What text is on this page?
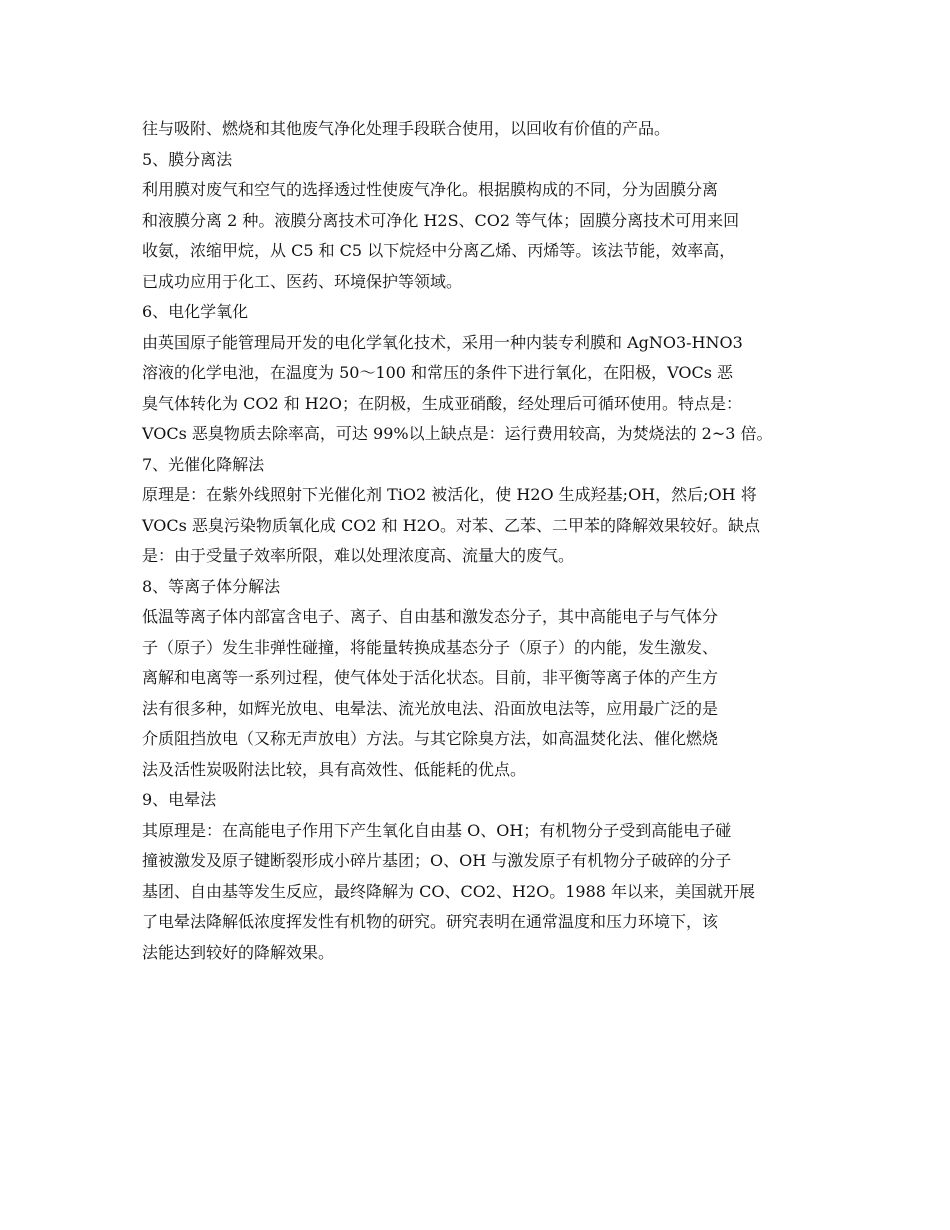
往与吸附、燃烧和其他废气净化处理手段联合使用，以回收有价值的产品。
5、膜分离法
利用膜对废气和空气的选择透过性使废气净化。根据膜构成的不同，分为固膜分离
和液膜分离 2 种。液膜分离技术可净化 H2S、CO2 等气体；固膜分离技术可用来回
收氨，浓缩甲烷，从 C5 和 C5 以下烷烃中分离乙烯、丙烯等。该法节能，效率高，
已成功应用于化工、医药、环境保护等领域。
6、电化学氧化
由英国原子能管理局开发的电化学氧化技术，采用一种内装专利膜和 AgNO3-HNO3
溶液的化学电池，在温度为 50～100 和常压的条件下进行氧化，在阳极，VOCs 恶
臭气体转化为 CO2 和 H2O；在阴极，生成亚硝酸，经处理后可循环使用。特点是：
VOCs 恶臭物质去除率高，可达 99%以上缺点是：运行费用较高，为焚烧法的 2~3 倍。
7、光催化降解法
原理是：在紫外线照射下光催化剂 TiO2 被活化，使 H2O 生成羟基;OH，然后;OH 将
VOCs 恶臭污染物质氧化成 CO2 和 H2O。对苯、乙苯、二甲苯的降解效果较好。缺点
是：由于受量子效率所限，难以处理浓度高、流量大的废气。
8、等离子体分解法
低温等离子体内部富含电子、离子、自由基和激发态分子，其中高能电子与气体分
子（原子）发生非弹性碰撞，将能量转换成基态分子（原子）的内能，发生激发、
离解和电离等一系列过程，使气体处于活化状态。目前，非平衡等离子体的产生方
法有很多种，如辉光放电、电晕法、流光放电法、沿面放电法等，应用最广泛的是
介质阻挡放电（又称无声放电）方法。与其它除臭方法，如高温焚化法、催化燃烧
法及活性炭吸附法比较，具有高效性、低能耗的优点。
9、电晕法
其原理是：在高能电子作用下产生氧化自由基 O、OH；有机物分子受到高能电子碰
撞被激发及原子键断裂形成小碎片基团；O、OH 与激发原子有机物分子破碎的分子
基团、自由基等发生反应，最终降解为 CO、CO2、H2O。1988 年以来，美国就开展
了电晕法降解低浓度挥发性有机物的研究。研究表明在通常温度和压力环境下，该
法能达到较好的降解效果。
